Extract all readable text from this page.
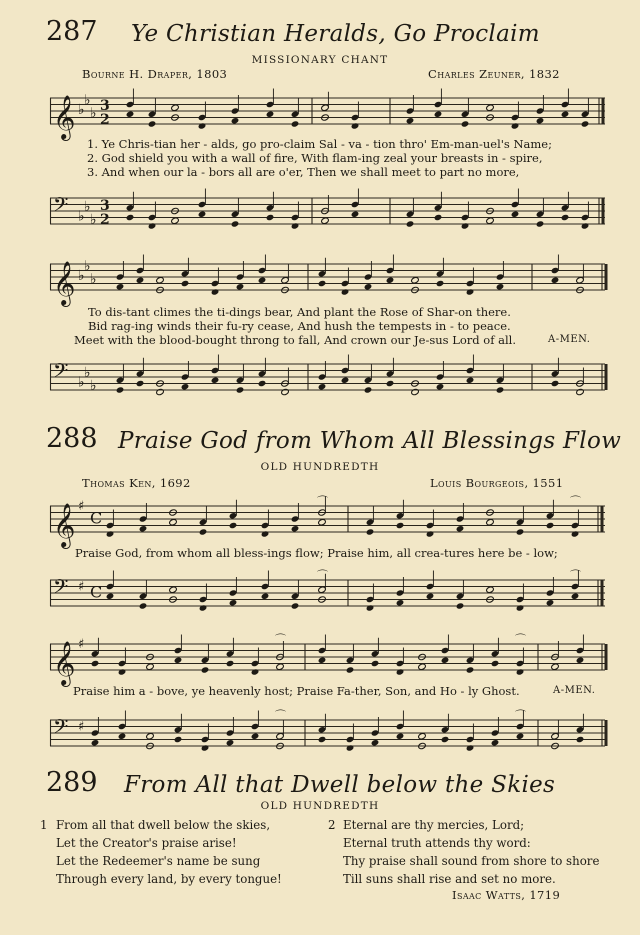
287 Ye Christian Heralds, Go Proclaim
MISSIONARY CHANT
Bourne H. Draper, 1803	Charles Zeuner, 1832
𝄞 ♭
♭
♭ 3
2
1. Ye Chris-tian her - alds, go pro-claim Sal - va - tion thro' Em-man-uel's Name;
2. God shield you with a wall of fire, With flam-ing zeal your breasts in - spire,
3. And when our la - bors all are o'er, Then we shall meet to part no more,
𝄢 ♭
♭
♭
3
2
𝄞 ♭
♭
♭
To dis-tant climes the ti-dings bear, And plant the Rose of Shar-on there.
Bid rag-ing winds their fu-ry cease, And hush the tempests in - to peace.
Meet with the blood-bought throng to fall, And crown our Je-sus Lord of all.	A-MEN.
𝄢 ♭
♭
♭
288 Praise God from Whom All Blessings Flow
OLD HUNDREDTH
Thomas Ken, 1692	Louis Bourgeois, 1551
𝄞 ♯
C
⌒	⌒
Praise God, from whom all bless-ings flow; Praise him, all crea-tures here be - low;
𝄢 ♯ C
⌒	⌒
𝄞 ♯	⌒	⌒
Praise him a - bove, ye heavenly host; Praise Fa-ther, Son, and Ho - ly Ghost.	A-MEN.
𝄢 ♯
⌒	⌒
289 From All that Dwell below the Skies
OLD HUNDREDTH
1 From all that dwell below the skies,
Let the Creator's praise arise!
Let the Redeemer's name be sung
Through every land, by every tongue!
2 Eternal are thy mercies, Lord;
Eternal truth attends thy word:
Thy praise shall sound from shore to shore
Till suns shall rise and set no more.
Isaac Watts, 1719
